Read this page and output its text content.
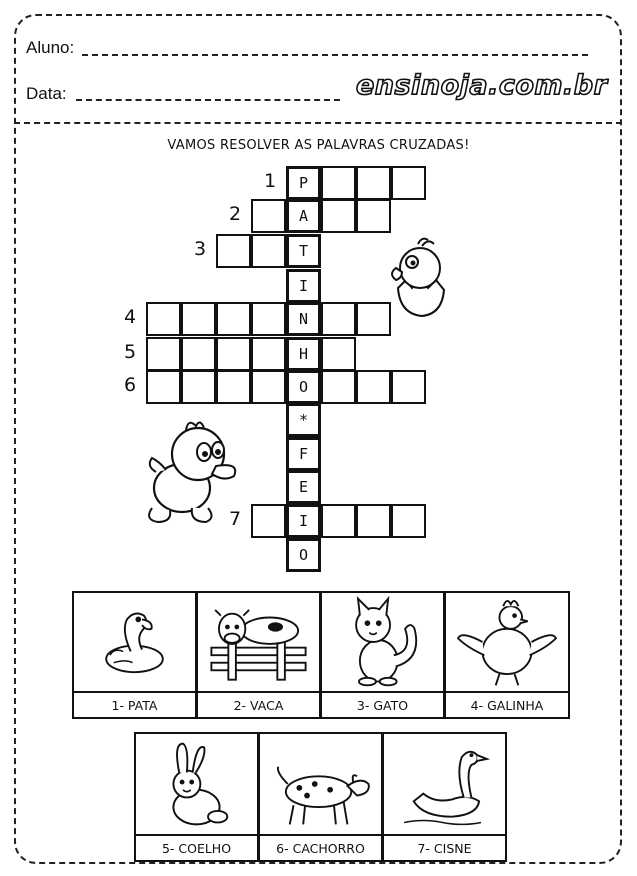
Aluno:
Data:	ensinoja.com.br
VAMOS RESOLVER AS PALAVRAS CRUZADAS!
P
1
A
2
T
3
I
N
4
H
5
O
6
*
F
E
I
7
O
1- PATA	2- VACA	3- GATO	4- GALINHA
5- COELHO	6- CACHORRO	7- CISNE
